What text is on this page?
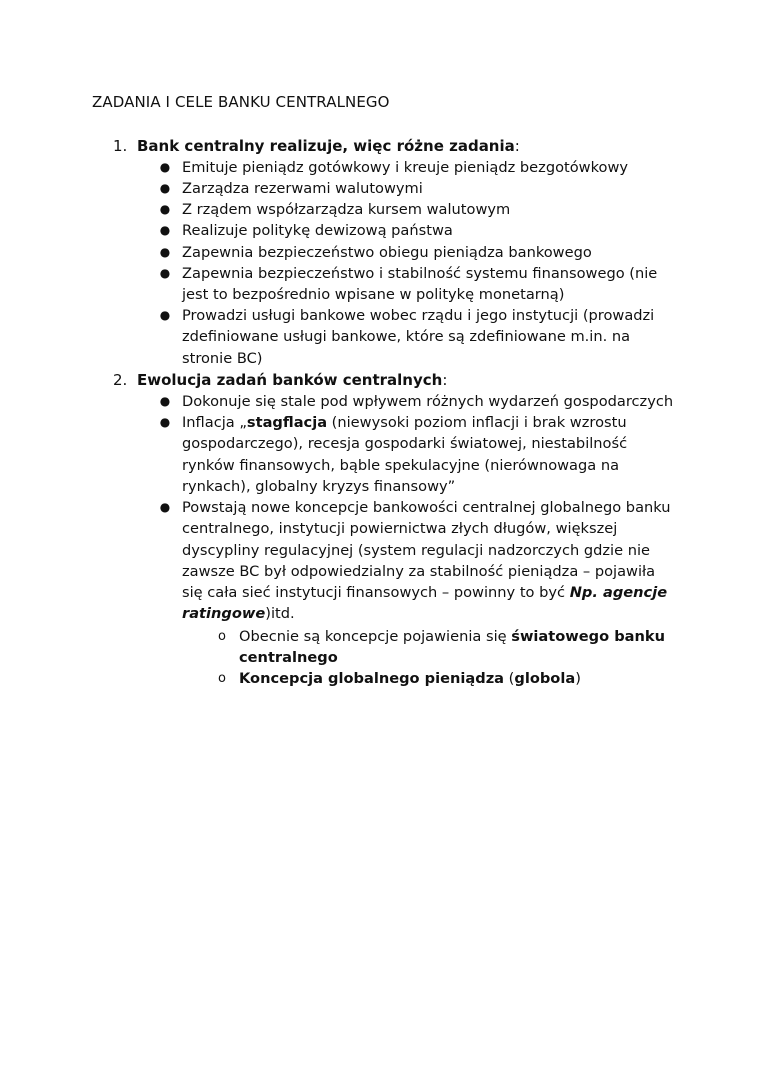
ZADANIA I CELE BANKU CENTRALNEGO
1. Bank centralny realizuje, więc różne zadania:
● Emituje pieniądz gotówkowy i kreuje pieniądz bezgotówkowy
● Zarządza rezerwami walutowymi
● Z rządem współzarządza kursem walutowym
● Realizuje politykę dewizową państwa
● Zapewnia bezpieczeństwo obiegu pieniądza bankowego
● Zapewnia bezpieczeństwo i stabilność systemu finansowego (nie jest to bezpośrednio wpisane w politykę monetarną)
● Prowadzi usługi bankowe wobec rządu i jego instytucji (prowadzi zdefiniowane usługi bankowe, które są zdefiniowane m.in. na stronie BC)
2. Ewolucja zadań banków centralnych:
● Dokonuje się stale pod wpływem różnych wydarzeń gospodarczych
● Inflacja „stagflacja (niewysoki poziom inflacji i brak wzrostu gospodarczego), recesja gospodarki światowej, niestabilność rynków finansowych, bąble spekulacyjne (nierównowaga na rynkach), globalny kryzys finansowy”
● Powstają nowe koncepcje bankowości centralnej globalnego banku centralnego, instytucji powiernictwa złych długów, większej dyscypliny regulacyjnej (system regulacji nadzorczych gdzie nie zawsze BC był odpowiedzialny za stabilność pieniądza – pojawiła się cała sieć instytucji finansowych – powinny to być Np. agencje ratingowe)itd.
o Obecnie są koncepcje pojawienia się światowego banku centralnego
o Koncepcja globalnego pieniądza (globola)
